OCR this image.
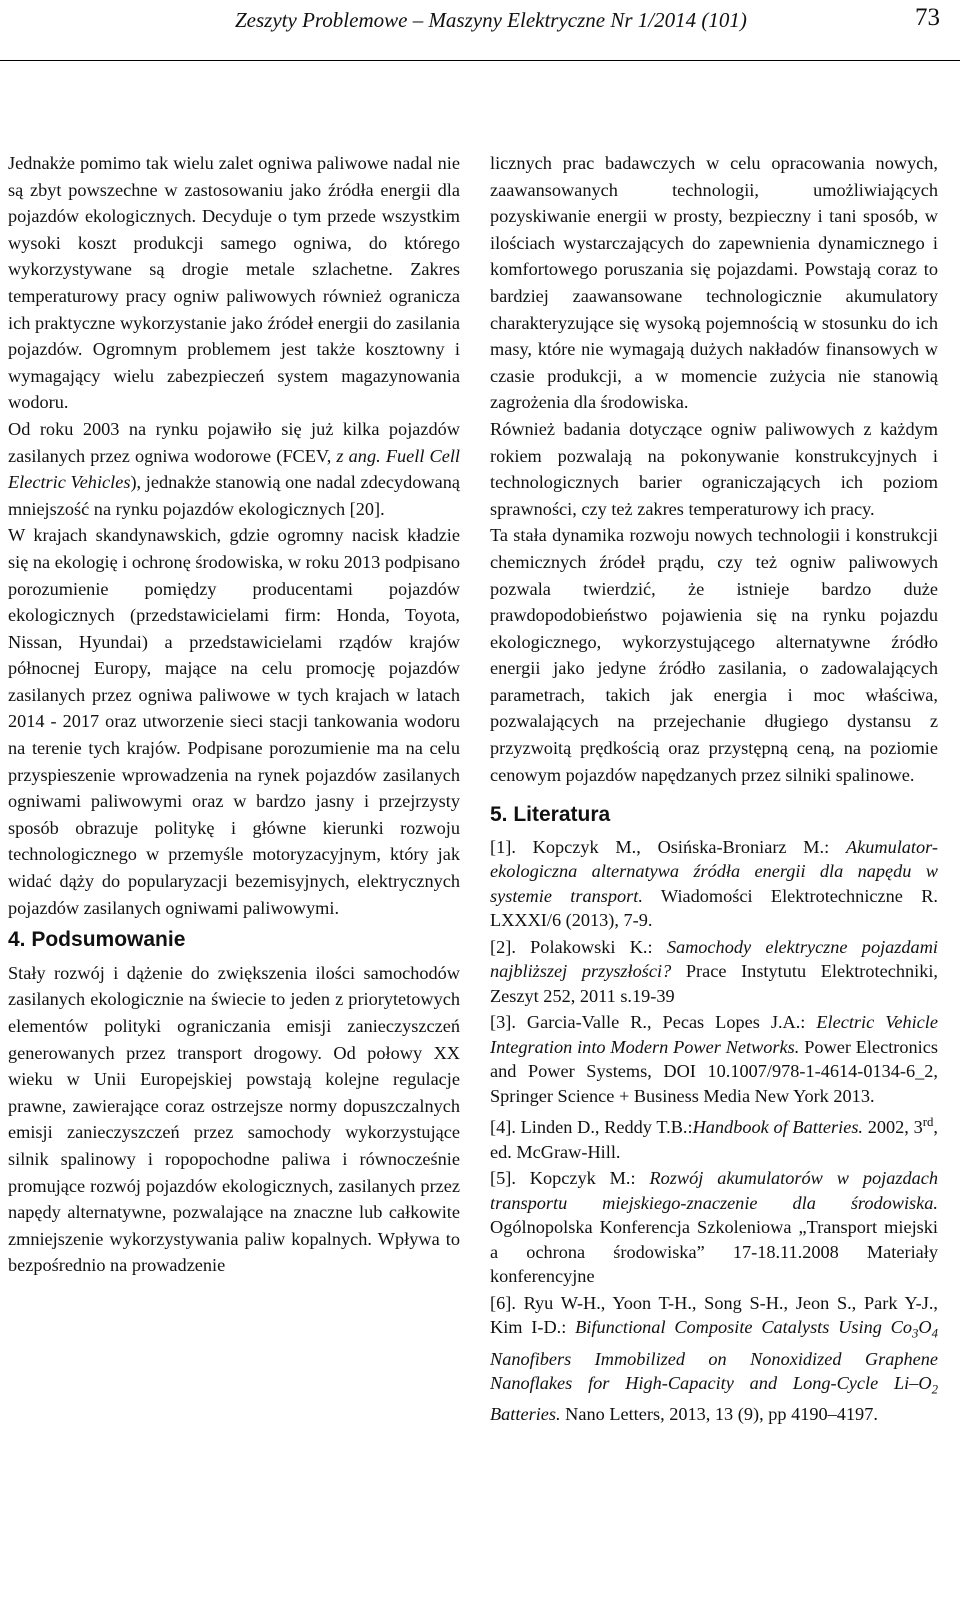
Zeszyty Problemowe – Maszyny Elektryczne Nr 1/2014 (101)	73

Jednakże pomimo tak wielu zalet ogniwa paliwowe nadal nie są zbyt powszechne w zastosowaniu jako źródła energii dla pojazdów ekologicznych. Decyduje o tym przede wszystkim wysoki koszt produkcji samego ogniwa, do którego wykorzystywane są drogie metale szlachetne. Zakres temperaturowy pracy ogniw paliwowych również ogranicza ich praktyczne wykorzystanie jako źródeł energii do zasilania pojazdów. Ogromnym problemem jest także kosztowny i wymagający wielu zabezpieczeń system magazynowania wodoru.

Od roku 2003 na rynku pojawiło się już kilka pojazdów zasilanych przez ogniwa wodorowe (FCEV, z ang. Fuell Cell Electric Vehicles), jednakże stanowią one nadal zdecydowaną mniejszość na rynku pojazdów ekologicznych [20].

W krajach skandynawskich, gdzie ogromny nacisk kładzie się na ekologię i ochronę środowiska, w roku 2013 podpisano porozumienie pomiędzy producentami pojazdów ekologicznych (przedstawicielami firm: Honda, Toyota, Nissan, Hyundai) a przedstawicielami rządów krajów północnej Europy, mające na celu promocję pojazdów zasilanych przez ogniwa paliwowe w tych krajach w latach 2014 - 2017 oraz utworzenie sieci stacji tankowania wodoru na terenie tych krajów. Podpisane porozumienie ma na celu przyspieszenie wprowadzenia na rynek pojazdów zasilanych ogniwami paliwowymi oraz w bardzo jasny i przejrzysty sposób obrazuje politykę i główne kierunki rozwoju technologicznego w przemyśle motoryzacyjnym, który jak widać dąży do popularyzacji bezemisyjnych, elektrycznych pojazdów zasilanych ogniwami paliwowymi.

4. Podsumowanie

Stały rozwój i dążenie do zwiększenia ilości samochodów zasilanych ekologicznie na świecie to jeden z priorytetowych elementów polityki ograniczania emisji zanieczyszczeń generowanych przez transport drogowy. Od połowy XX wieku w Unii Europejskiej powstają kolejne regulacje prawne, zawierające coraz ostrzejsze normy dopuszczalnych emisji zanieczyszczeń przez samochody wykorzystujące silnik spalinowy i ropopochodne paliwa i równocześnie promujące rozwój pojazdów ekologicznych, zasilanych przez napędy alternatywne, pozwalające na znaczne lub całkowite zmniejszenie wykorzystywania paliw kopalnych. Wpływa to bezpośrednio na prowadzenie

licznych prac badawczych w celu opracowania nowych, zaawansowanych technologii, umożliwiających pozyskiwanie energii w prosty, bezpieczny i tani sposób, w ilościach wystarczających do zapewnienia dynamicznego i komfortowego poruszania się pojazdami. Powstają coraz to bardziej zaawansowane technologicznie akumulatory charakteryzujące się wysoką pojemnością w stosunku do ich masy, które nie wymagają dużych nakładów finansowych w czasie produkcji, a w momencie zużycia nie stanowią zagrożenia dla środowiska.

Również badania dotyczące ogniw paliwowych z każdym rokiem pozwalają na pokonywanie konstrukcyjnych i technologicznych barier ograniczających ich poziom sprawności, czy też zakres temperaturowy ich pracy.

Ta stała dynamika rozwoju nowych technologii i konstrukcji chemicznych źródeł prądu, czy też ogniw paliwowych pozwala twierdzić, że istnieje bardzo duże prawdopodobieństwo pojawienia się na rynku pojazdu ekologicznego, wykorzystującego alternatywne źródło energii jako jedyne źródło zasilania, o zadowalających parametrach, takich jak energia i moc właściwa, pozwalających na przejechanie długiego dystansu z przyzwoitą prędkością oraz przystępną ceną, na poziomie cenowym pojazdów napędzanych przez silniki spalinowe.

5. Literatura

[1]. Kopczyk M., Osińska-Broniarz M.: Akumulator-ekologiczna alternatywa źródła energii dla napędu w systemie transport. Wiadomości Elektrotechniczne R. LXXXI/6 (2013), 7-9.

[2]. Polakowski K.: Samochody elektryczne pojazdami najbliższej przyszłości? Prace Instytutu Elektrotechniki, Zeszyt 252, 2011 s.19-39

[3]. Garcia-Valle R., Pecas Lopes J.A.: Electric Vehicle Integration into Modern Power Networks. Power Electronics and Power Systems, DOI 10.1007/978-1-4614-0134-6_2, Springer Science + Business Media New York 2013.

[4]. Linden D., Reddy T.B.:Handbook of Batteries. 2002, 3rd, ed. McGraw-Hill.

[5]. Kopczyk M.: Rozwój akumulatorów w pojazdach transportu miejskiego-znaczenie dla środowiska. Ogólnopolska Konferencja Szkoleniowa „Transport miejski a ochrona środowiska” 17-18.11.2008 Materiały konferencyjne

[6]. Ryu W-H., Yoon T-H., Song S-H., Jeon S., Park Y-J., Kim I-D.: Bifunctional Composite Catalysts Using $Co_3O_4$ Nanofibers Immobilized on Nonoxidized Graphene Nanoflakes for High-Capacity and Long-Cycle $Li-O_2$ Batteries. Nano Letters, 2013, 13 (9), pp 4190–4197.
